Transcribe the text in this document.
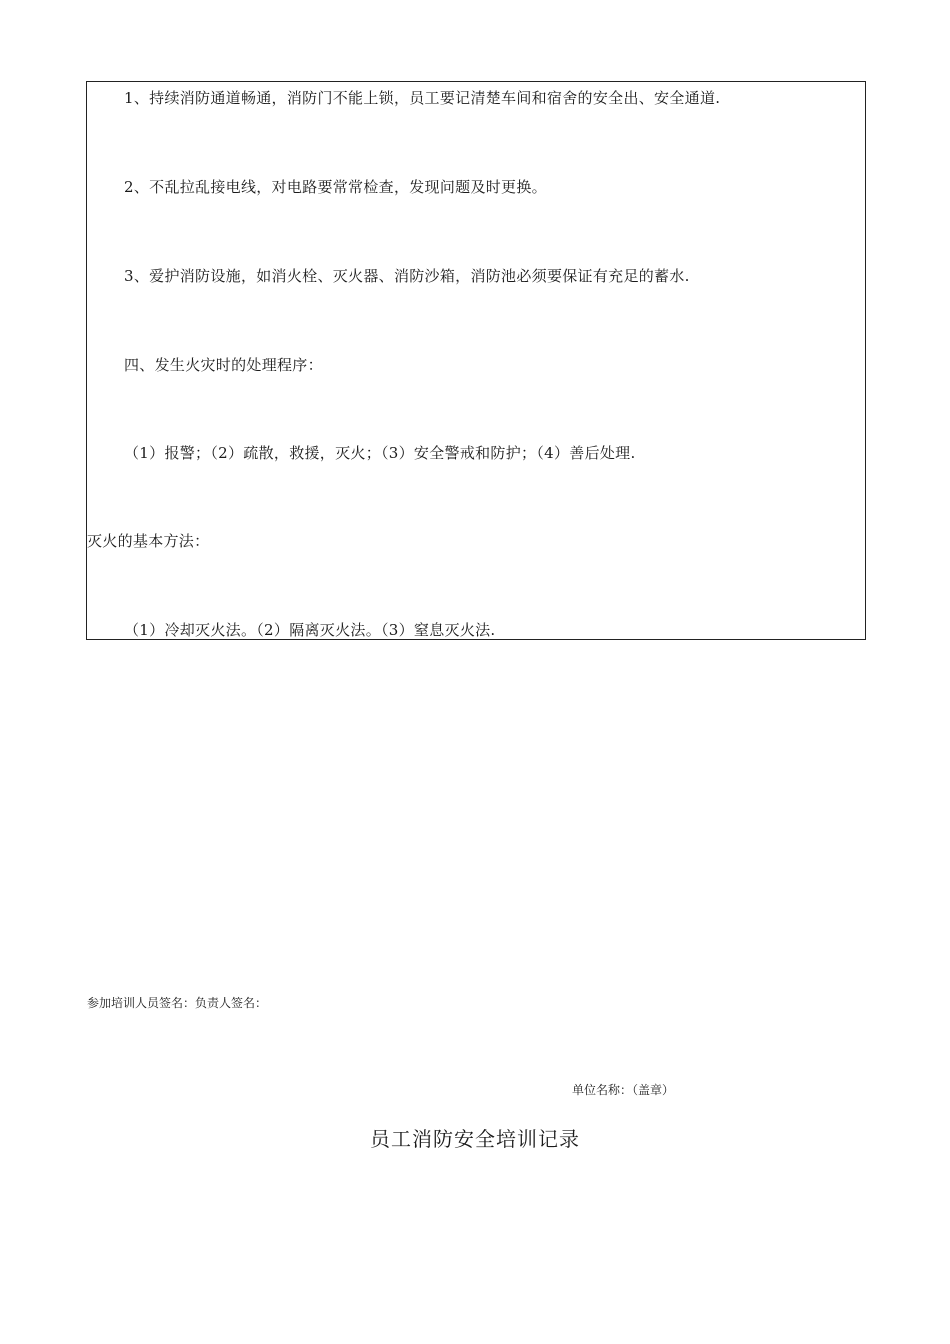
1、持续消防通道畅通，消防门不能上锁，员工要记清楚车间和宿舍的安全出、安全通道.
2、不乱拉乱接电线，对电路要常常检查，发现问题及时更换。
3、爱护消防设施，如消火栓、灭火器、消防沙箱，消防池必须要保证有充足的蓄水.
四、发生火灾时的处理程序：
（1）报警；（2）疏散，救援，灭火；（3）安全警戒和防护；（4）善后处理.
灭火的基本方法：
（1）冷却灭火法。（2）隔离灭火法。（3）窒息灭火法.
参加培训人员签名：负责人签名：
单位名称：（盖章）
员工消防安全培训记录
